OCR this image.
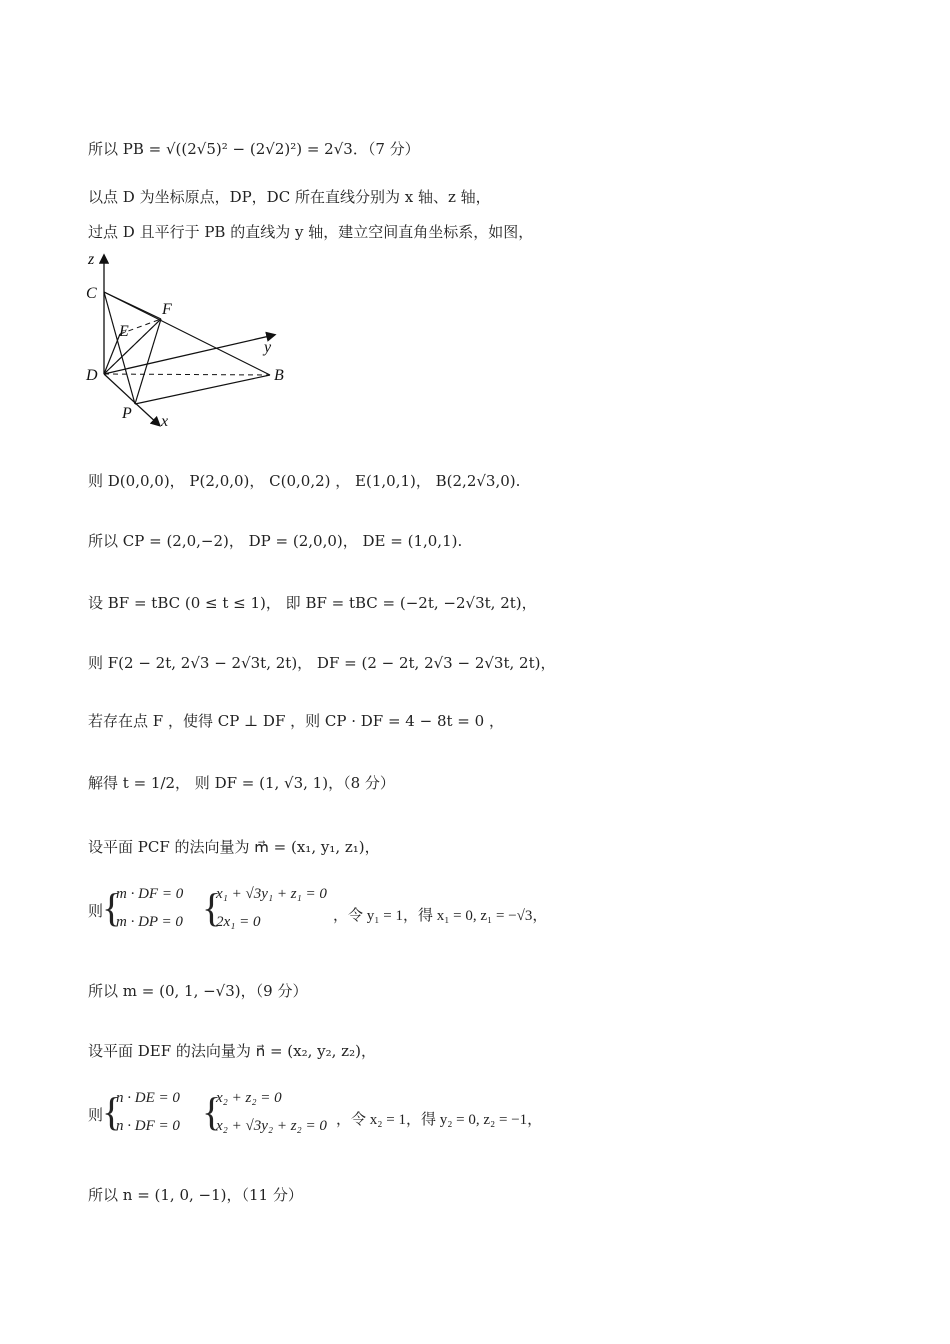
所以 PB = √((2√5)² − (2√2)²) = 2√3．（7 分）
以点 D 为坐标原点，DP，DC 所在直线分别为 x 轴、z 轴，
过点 D 且平行于 PB 的直线为 y 轴，建立空间直角坐标系，如图，
z
C
F
E
y
D	B
P x
则 D(0,0,0)， P(2,0,0)， C(0,0,2) ， E(1,0,1)， B(2,2√3,0).
所以 CP = (2,0,−2)， DP = (2,0,0)， DE = (1,0,1).
设 BF = tBC (0 ≤ t ≤ 1)， 即 BF = tBC = (−2t, −2√3t, 2t)，
则 F(2 − 2t, 2√3 − 2√3t, 2t)， DF = (2 − 2t, 2√3 − 2√3t, 2t)，
若存在点 F ，使得 CP ⊥ DF ，则 CP · DF = 4 − 8t = 0 ，
解得 t = 1/2， 则 DF = (1, √3, 1)，（8 分）
设平面 PCF 的法向量为 m⃗ = (x₁, y₁, z₁)，
则
{
m · DF = 0
m · DP = 0 {
x₁ + √3y₁ + z₁ = 0
2x₁ = 0	，令 y₁ = 1，得 x₁ = 0, z₁ = −√3，
所以 m = (0, 1, −√3)，（9 分）
设平面 DEF 的法向量为 n⃗ = (x₂, y₂, z₂)，
则
{
n · DE = 0
n · DF = 0 {
x₂ + z₂ = 0
x₂ + √3y₂ + z₂ = 0 ，令 x₂ = 1，得 y₂ = 0, z₂ = −1，
所以 n = (1, 0, −1)，（11 分）
